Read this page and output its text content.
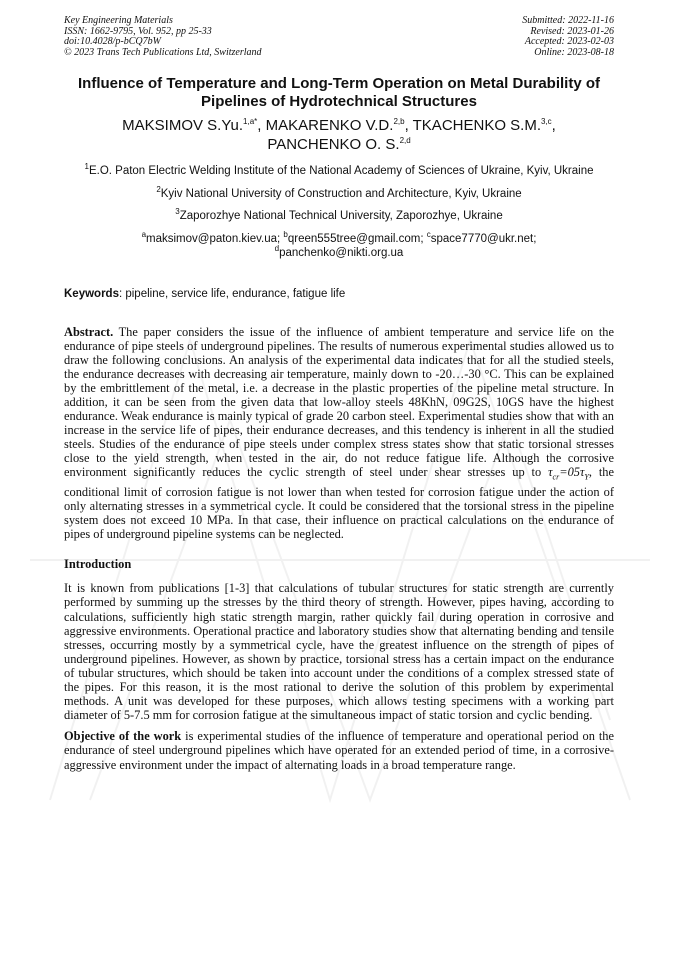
Key Engineering Materials
ISSN: 1662-9795, Vol. 952, pp 25-33
doi:10.4028/p-bCQ7bW
© 2023 Trans Tech Publications Ltd, Switzerland
Submitted: 2022-11-16
Revised: 2023-01-26
Accepted: 2023-02-03
Online: 2023-08-18
Influence of Temperature and Long-Term Operation on Metal Durability of Pipelines of Hydrotechnical Structures
MAKSIMOV S.Yu.$^{1,a*}$, MAKARENKO V.D.$^{2,b}$, TKACHENKO S.M.$^{3,c}$,
PANCHENKO O. S.$^{2,d}$
$^1$E.O. Paton Electric Welding Institute of the National Academy of Sciences of Ukraine, Kyiv, Ukraine
$^2$Kyiv National University of Construction and Architecture, Kyiv, Ukraine
$^3$Zaporozhye National Technical University, Zaporozhye, Ukraine
$^a$maksimov@paton.kiev.ua; $^b$qreen555tree@gmail.com; $^c$space7770@ukr.net;
$^d$panchenko@nikti.org.ua
Keywords: pipeline, service life, endurance, fatigue life
Abstract. The paper considers the issue of the influence of ambient temperature and service life on the endurance of pipe steels of underground pipelines. The results of numerous experimental studies allowed us to draw the following conclusions. An analysis of the experimental data indicates that for all the studied steels, the endurance decreases with decreasing air temperature, mainly down to -20…-30 °C. This can be explained by the embrittlement of the metal, i.e. a decrease in the plastic properties of the pipeline metal structure. In addition, it can be seen from the given data that low-alloy steels 48KhN, 09G2S, 10GS have the highest endurance. Weak endurance is mainly typical of grade 20 carbon steel. Experimental studies show that with an increase in the service life of pipes, their endurance decreases, and this tendency is inherent in all the studied steels. Studies of the endurance of pipe steels under complex stress states show that static torsional stresses close to the yield strength, when tested in the air, do not reduce fatigue life. Although the corrosive environment significantly reduces the cyclic strength of steel under shear stresses up to $\tau_{cr}=05\tau_Y$, the conditional limit of corrosion fatigue is not lower than when tested for corrosion fatigue under the action of only alternating stresses in a symmetrical cycle. It could be considered that the torsional stress in the pipeline system does not exceed 10 MPa. In that case, their influence on practical calculations on the endurance of pipes of underground pipeline systems can be neglected.
Introduction
It is known from publications [1-3] that calculations of tubular structures for static strength are currently performed by summing up the stresses by the third theory of strength. However, pipes having, according to calculations, sufficiently high static strength margin, rather quickly fail during operation in corrosive and aggressive environments. Operational practice and laboratory studies show that alternating bending and tensile stresses, occurring mostly by a symmetrical cycle, have the greatest influence on the strength of pipes of underground pipelines. However, as shown by practice, torsional stress has a certain impact on the endurance of tubular structures, which should be taken into account under the conditions of a complex stressed state of the pipes. For this reason, it is the most rational to derive the solution of this problem by experimental methods. A unit was developed for these purposes, which allows testing specimens with a working part diameter of 5-7.5 mm for corrosion fatigue at the simultaneous impact of static torsion and cyclic bending.
Objective of the work is experimental studies of the influence of temperature and operational period on the endurance of steel underground pipelines which have operated for an extended period of time, in a corrosive-aggressive environment under the impact of alternating loads in a broad temperature range.
